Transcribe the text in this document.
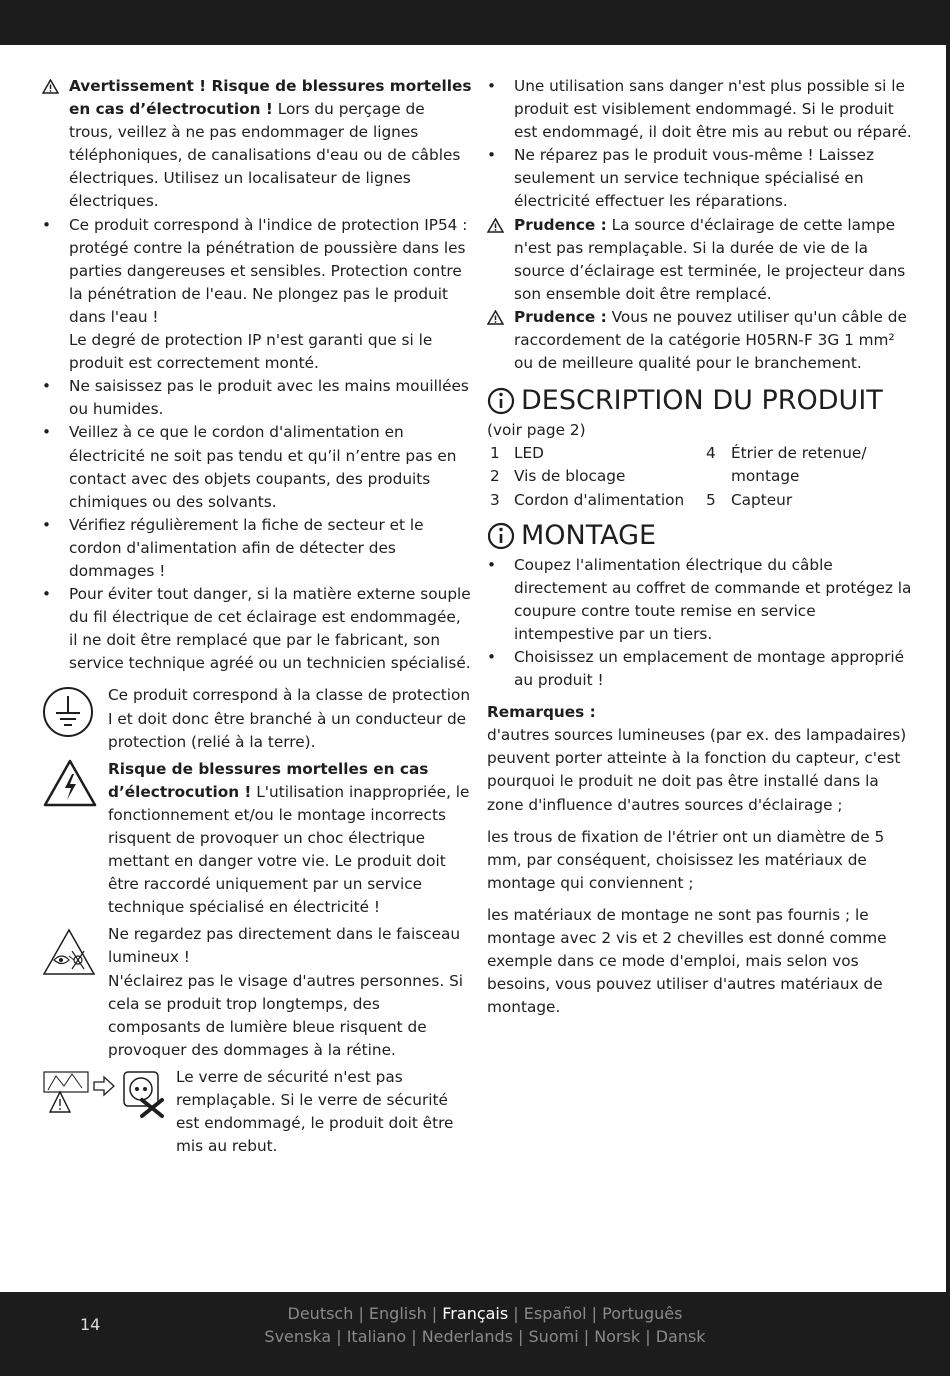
Avertissement ! Risque de blessures mortelles en cas d’électrocution ! Lors du perçage de trous, veillez à ne pas endommager de lignes téléphoniques, de canalisations d'eau ou de câbles électriques. Utilisez un localisateur de lignes électriques.
•	Ce produit correspond à l'indice de protection IP54 : protégé contre la pénétration de poussière dans les parties dangereuses et sensibles. Protection contre la pénétration de l'eau. Ne plongez pas le produit dans l'eau !
Le degré de protection IP n'est garanti que si le produit est correctement monté.
•	Ne saisissez pas le produit avec les mains mouillées ou humides.
•	Veillez à ce que le cordon d'alimentation en électricité ne soit pas tendu et qu’il n’entre pas en contact avec des objets coupants, des produits chimiques ou des solvants.
•	Vérifiez régulièrement la fiche de secteur et le cordon d'alimentation afin de détecter des dommages !
•	Pour éviter tout danger, si la matière externe souple du fil électrique de cet éclairage est endommagée, il ne doit être remplacé que par le fabricant, son service technique agréé ou un technicien spécialisé.
Ce produit correspond à la classe de protection I et doit donc être branché à un conducteur de protection (relié à la terre).
Risque de blessures mortelles en cas d’électrocution ! L'utilisation inappropriée, le fonctionnement et/ou le montage incorrects risquent de provoquer un choc électrique mettant en danger votre vie. Le produit doit être raccordé uniquement par un service technique spécialisé en électricité !
Ne regardez pas directement dans le faisceau lumineux !
N'éclairez pas le visage d'autres personnes. Si cela se produit trop longtemps, des composants de lumière bleue risquent de provoquer des dommages à la rétine.
Le verre de sécurité n'est pas remplaçable. Si le verre de sécurité est endommagé, le produit doit être mis au rebut.
•	Une utilisation sans danger n'est plus possible si le produit est visiblement endommagé. Si le produit est endommagé, il doit être mis au rebut ou réparé.
•	Ne réparez pas le produit vous-même ! Laissez seulement un service technique spécialisé en électricité effectuer les réparations.
Prudence : La source d'éclairage de cette lampe n'est pas remplaçable. Si la durée de vie de la source d’éclairage est terminée, le projecteur dans son ensemble doit être remplacé.
Prudence : Vous ne pouvez utiliser qu'un câble de raccordement de la catégorie H05RN-F 3G 1 mm² ou de meilleure qualité pour le branchement.
DESCRIPTION DU PRODUIT

(voir page 2)

1 LED	4 Étrier de retenue/ montage
2 Vis de blocage
3 Cordon d'alimentation	5 Capteur
MONTAGE
•	Coupez l'alimentation électrique du câble directement au coffret de commande et protégez la coupure contre toute remise en service intempestive par un tiers.
•	Choisissez un emplacement de montage approprié au produit !

Remarques :

d'autres sources lumineuses (par ex. des lampadaires) peuvent porter atteinte à la fonction du capteur, c'est pourquoi le produit ne doit pas être installé dans la zone d'influence d'autres sources d'éclairage ;

les trous de fixation de l'étrier ont un diamètre de 5 mm, par conséquent, choisissez les matériaux de montage qui conviennent ;

les matériaux de montage ne sont pas fournis ; le montage avec 2 vis et 2 chevilles est donné comme exemple dans ce mode d'emploi, mais selon vos besoins, vous pouvez utiliser d'autres matériaux de montage.

14
Deutsch | English | Français | Español | Português
Svenska | Italiano | Nederlands | Suomi | Norsk | Dansk
